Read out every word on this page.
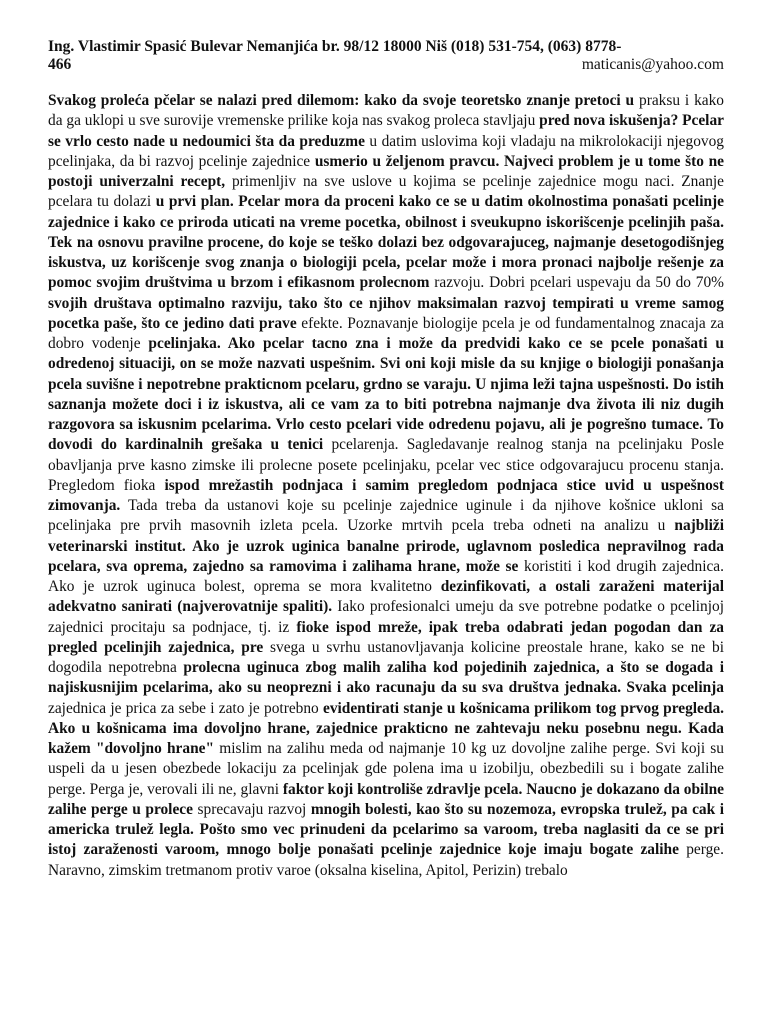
Ing. Vlastimir Spasić Bulevar Nemanjića br. 98/12 18000 Niš (018) 531-754, (063) 8778-

466	maticanis@yahoo.com

Svakog proleća pčelar se nalazi pred dilemom: kako da svoje teoretsko znanje pretoci u praksu i kako da ga uklopi u sve surovije vremenske prilike koja nas svakog proleca stavljaju pred nova iskušenja? Pcelar se vrlo cesto nade u nedoumici šta da preduzme u datim uslovima koji vladaju na mikrolokaciji njegovog pcelinjaka, da bi razvoj pcelinje zajednice usmerio u željenom pravcu. Najveci problem je u tome što ne postoji univerzalni recept, primenljiv na sve uslove u kojima se pcelinje zajednice mogu naci. Znanje pcelara tu dolazi u prvi plan. Pcelar mora da proceni kako ce se u datim okolnostima ponašati pcelinje zajednice i kako ce priroda uticati na vreme pocetka, obilnost i sveukupno iskorišcenje pcelinjih paša. Tek na osnovu pravilne procene, do koje se teško dolazi bez odgovarajuceg, najmanje desetogodišnjeg iskustva, uz korišcenje svog znanja o biologiji pcela, pcelar može i mora pronaci najbolje rešenje za pomoc svojim društvima u brzom i efikasnom prolecnom razvoju. Dobri pcelari uspevaju da 50 do 70% svojih društava optimalno razviju, tako što ce njihov maksimalan razvoj tempirati u vreme samog pocetka paše, što ce jedino dati prave efekte. Poznavanje biologije pcela je od fundamentalnog znacaja za dobro vodenje pcelinjaka. Ako pcelar tacno zna i može da predvidi kako ce se pcele ponašati u odredenoj situaciji, on se može nazvati uspešnim. Svi oni koji misle da su knjige o biologiji ponašanja pcela suvišne i nepotrebne prakticnom pcelaru, grdno se varaju. U njima leži tajna uspešnosti. Do istih saznanja možete doci i iz iskustva, ali ce vam za to biti potrebna najmanje dva života ili niz dugih razgovora sa iskusnim pcelarima. Vrlo cesto pcelari vide odredenu pojavu, ali je pogrešno tumace. To dovodi do kardinalnih grešaka u tenici pcelarenja. Sagledavanje realnog stanja na pcelinjaku Posle obavljanja prve kasno zimske ili prolecne posete pcelinjaku, pcelar vec stice odgovarajucu procenu stanja. Pregledom fioka ispod mrežastih podnjaca i samim pregledom podnjaca stice uvid u uspešnost zimovanja. Tada treba da ustanovi koje su pcelinje zajednice uginule i da njihove košnice ukloni sa pcelinjaka pre prvih masovnih izleta pcela. Uzorke mrtvih pcela treba odneti na analizu u najbliži veterinarski institut. Ako je uzrok uginica banalne prirode, uglavnom posledica nepravilnog rada pcelara, sva oprema, zajedno sa ramovima i zalihama hrane, može se koristiti i kod drugih zajednica. Ako je uzrok uginuca bolest, oprema se mora kvalitetno dezinfikovati, a ostali zaraženi materijal adekvatno sanirati (najverovatnije spaliti). Iako profesionalci umeju da sve potrebne podatke o pcelinjoj zajednici procitaju sa podnjace, tj. iz fioke ispod mreže, ipak treba odabrati jedan pogodan dan za pregled pcelinjih zajednica, pre svega u svrhu ustanovljavanja kolicine preostale hrane, kako se ne bi dogodila nepotrebna prolecna uginuca zbog malih zaliha kod pojedinih zajednica, a što se dogada i najiskusnijim pcelarima, ako su neoprezni i ako racunaju da su sva društva jednaka. Svaka pcelinja zajednica je prica za sebe i zato je potrebno evidentirati stanje u košnicama prilikom tog prvog pregleda. Ako u košnicama ima dovoljno hrane, zajednice prakticno ne zahtevaju neku posebnu negu. Kada kažem "dovoljno hrane" mislim na zalihu meda od najmanje 10 kg uz dovoljne zalihe perge. Svi koji su uspeli da u jesen obezbede lokaciju za pcelinjak gde polena ima u izobilju, obezbedili su i bogate zalihe perge. Perga je, verovali ili ne, glavni faktor koji kontroliše zdravlje pcela. Naucno je dokazano da obilne zalihe perge u prolece sprecavaju razvoj mnogih bolesti, kao što su nozemoza, evropska trulež, pa cak i americka trulež legla. Pošto smo vec prinudeni da pcelarimo sa varoom, treba naglasiti da ce se pri istoj zaraženosti varoom, mnogo bolje ponašati pcelinje zajednice koje imaju bogate zalihe perge. Naravno, zimskim tretmanom protiv varoe (oksalna kiselina, Apitol, Perizin) trebalo
